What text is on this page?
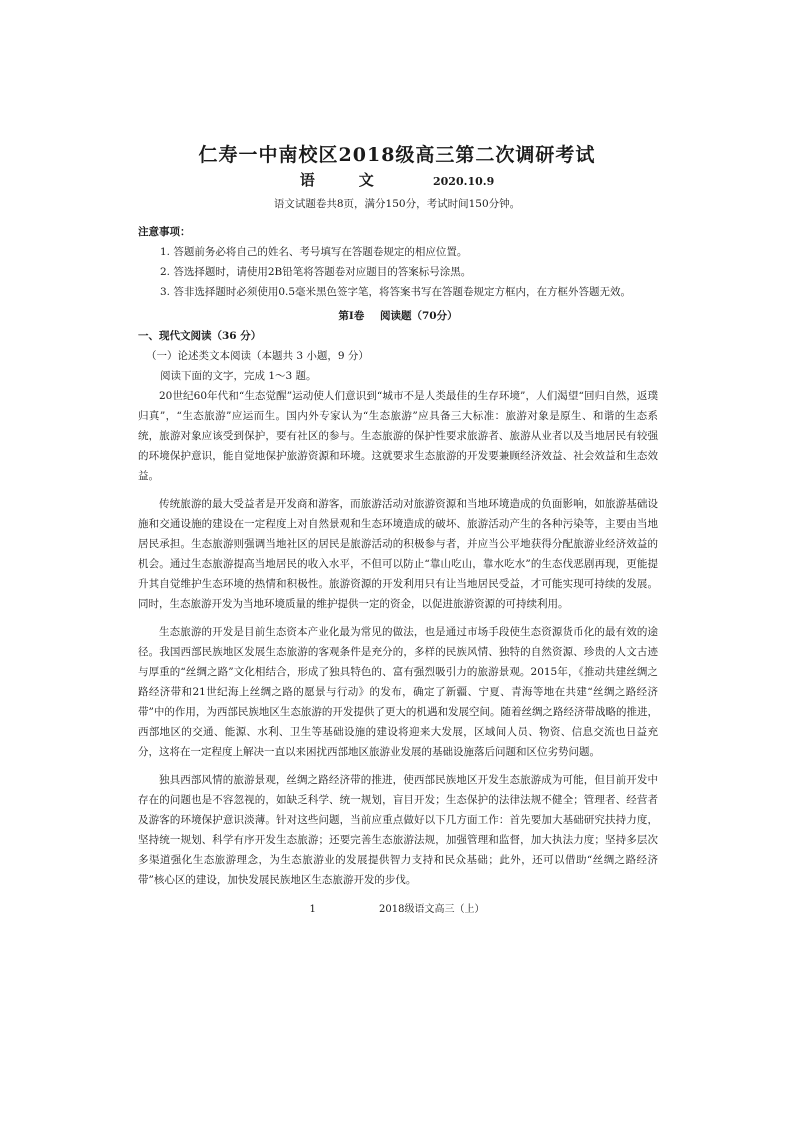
仁寿一中南校区2018级高三第二次调研考试
语文 2020.10.9
语文试题卷共8页，满分150分，考试时间150分钟。
注意事项：
1. 答题前务必将自己的姓名、考号填写在答题卷规定的相应位置。
2. 答选择题时，请使用2B铅笔将答题卷对应题目的答案标号涂黑。
3. 答非选择题时必须使用0.5毫米黑色签字笔，将答案书写在答题卷规定方框内，在方框外答题无效。
第Ⅰ卷 阅读题（70分）
一、现代文阅读（36 分）
（一）论述类文本阅读（本题共 3 小题，9 分）
阅读下面的文字，完成 1～3 题。

20世纪60年代和“生态觉醒”运动使人们意识到“城市不是人类最佳的生存环境”，人们渴望“回归自然，返璞归真”，“生态旅游”应运而生。国内外专家认为“生态旅游”应具备三大标准：旅游对象是原生、和谐的生态系统，旅游对象应该受到保护，要有社区的参与。生态旅游的保护性要求旅游者、旅游从业者以及当地居民有较强的环境保护意识，能自觉地保护旅游资源和环境。这就要求生态旅游的开发要兼顾经济效益、社会效益和生态效益。

传统旅游的最大受益者是开发商和游客，而旅游活动对旅游资源和当地环境造成的负面影响，如旅游基础设施和交通设施的建设在一定程度上对自然景观和生态环境造成的破坏、旅游活动产生的各种污染等，主要由当地居民承担。生态旅游则强调当地社区的居民是旅游活动的积极参与者，并应当公平地获得分配旅游业经济效益的机会。通过生态旅游提高当地居民的收入水平，不但可以防止“靠山吃山，靠水吃水”的生态伐恶剧再现，更能提升其自觉维护生态环境的热情和积极性。旅游资源的开发利用只有让当地居民受益，才可能实现可持续的发展。同时，生态旅游开发为当地环境质量的维护提供一定的资金，以促进旅游资源的可持续利用。

生态旅游的开发是目前生态资本产业化最为常见的做法，也是通过市场手段使生态资源货币化的最有效的途径。我国西部民族地区发展生态旅游的客观条件是充分的，多样的民族风情、独特的自然资源、珍贵的人文古迹与厚重的“丝绸之路”文化相结合，形成了独具特色的、富有强烈吸引力的旅游景观。2015年，《推动共建丝绸之路经济带和21世纪海上丝绸之路的愿景与行动》的发布，确定了新疆、宁夏、青海等地在共建“丝绸之路经济带”中的作用，为西部民族地区生态旅游的开发提供了更大的机遇和发展空间。随着丝绸之路经济带战略的推进，西部地区的交通、能源、水利、卫生等基础设施的建设将迎来大发展，区域间人员、物资、信息交流也日益充分，这将在一定程度上解决一直以来困扰西部地区旅游业发展的基础设施落后问题和区位劣势问题。

独具西部风情的旅游景观，丝绸之路经济带的推进，使西部民族地区开发生态旅游成为可能，但目前开发中存在的问题也是不容忽视的，如缺乏科学、统一规划，盲目开发；生态保护的法律法规不健全；管理者、经营者及游客的环境保护意识淡薄。针对这些问题，当前应重点做好以下几方面工作：首先要加大基础研究扶持力度，坚持统一规划、科学有序开发生态旅游；还要完善生态旅游法规，加强管理和监督，加大执法力度；坚持多层次多渠道强化生态旅游理念，为生态旅游业的发展提供智力支持和民众基础；此外，还可以借助“丝绸之路经济带”核心区的建设，加快发展民族地区生态旅游开发的步伐。

1	2018级语文高三（上）
